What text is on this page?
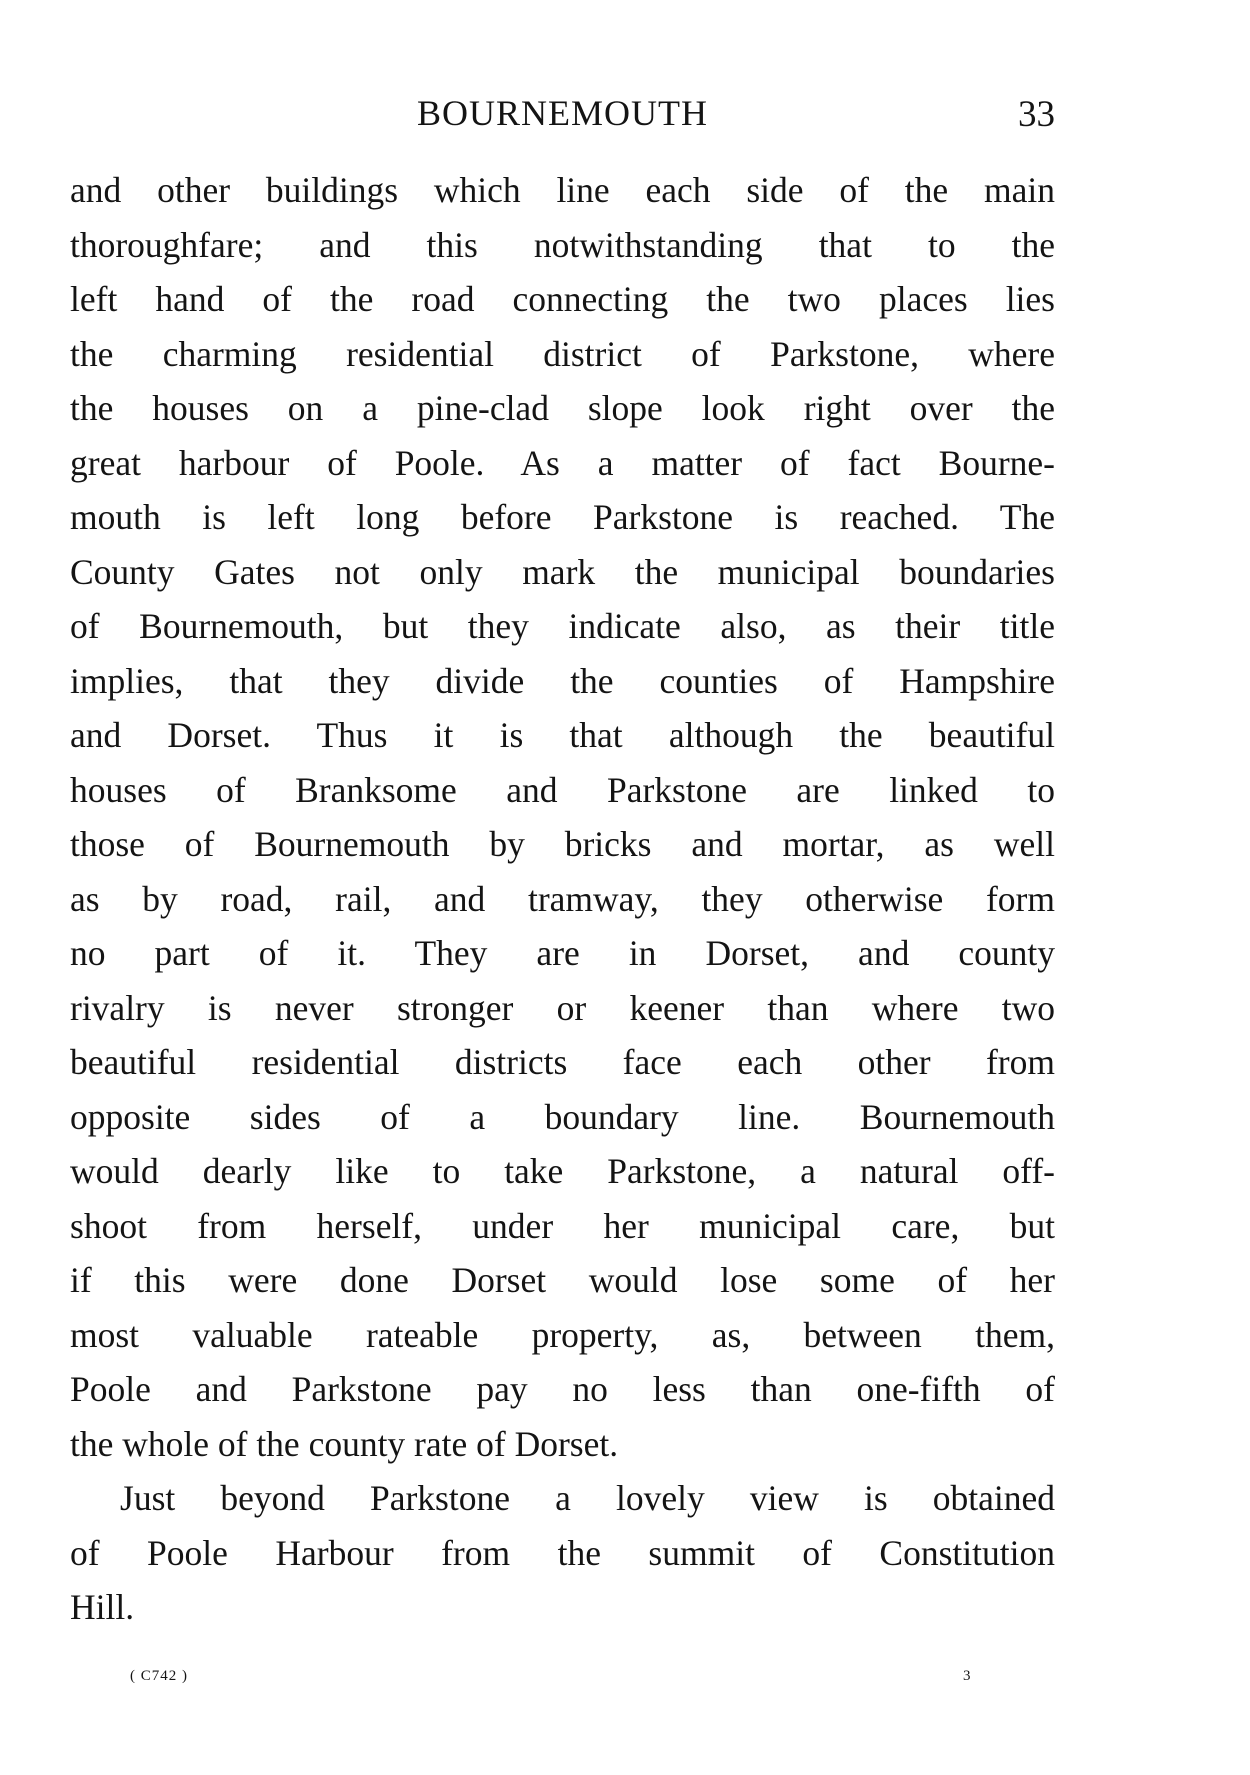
BOURNEMOUTH	33

and other buildings which line each side of the main

thoroughfare; and this notwithstanding that to the

left hand of the road connecting the two places lies

the charming residential district of Parkstone, where

the houses on a pine-clad slope look right over the

great harbour of Poole. As a matter of fact Bourne-

mouth is left long before Parkstone is reached. The

County Gates not only mark the municipal boundaries

of Bournemouth, but they indicate also, as their title

implies, that they divide the counties of Hampshire

and Dorset. Thus it is that although the beautiful

houses of Branksome and Parkstone are linked to

those of Bournemouth by bricks and mortar, as well

as by road, rail, and tramway, they otherwise form

no part of it. They are in Dorset, and county

rivalry is never stronger or keener than where two

beautiful residential districts face each other from

opposite sides of a boundary line. Bournemouth

would dearly like to take Parkstone, a natural off-

shoot from herself, under her municipal care, but

if this were done Dorset would lose some of her

most valuable rateable property, as, between them,

Poole and Parkstone pay no less than one-fifth of

the whole of the county rate of Dorset.

Just beyond Parkstone a lovely view is obtained

of Poole Harbour from the summit of Constitution

Hill.

( C742 )	3
